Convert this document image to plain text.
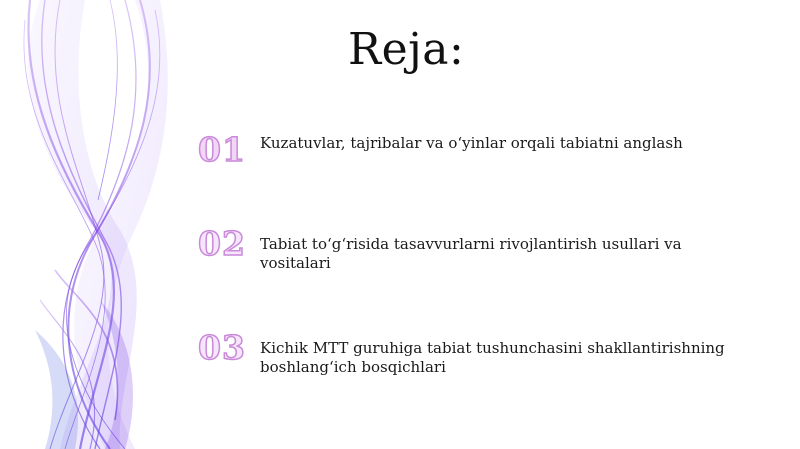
Reja:
01 Kuzatuvlar, tajribalar va o‘yinlar orqali tabiatni anglash
02 Tabiat to‘g‘risida tasavvurlarni rivojlantirish usullari va vositalari
03 Kichik MTT guruhiga tabiat tushunchasini shakllantirishning boshlang‘ich bosqichlari
